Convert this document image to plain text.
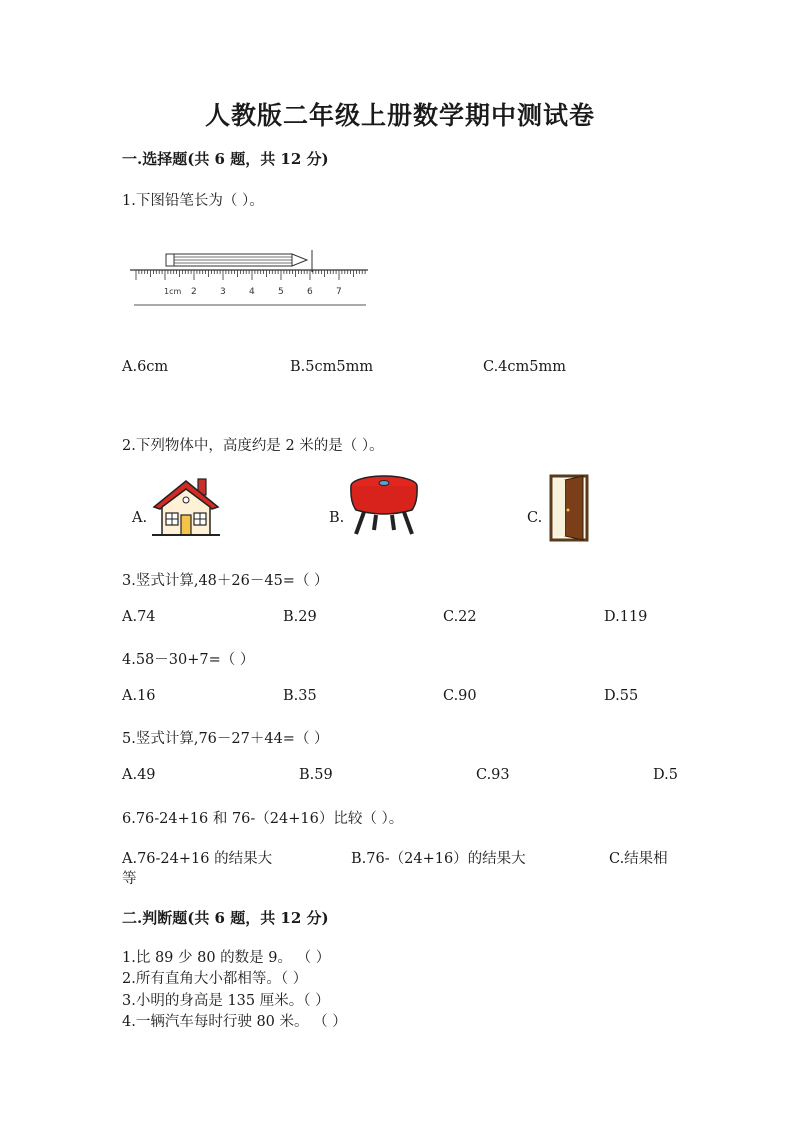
人教版二年级上册数学期中测试卷
一.选择题(共 6 题，共 12 分)
1.下图铅笔长为（ ）。
1cm 2	3	4	5	6	7
A.6cm	B.5cm5mm	C.4cm5mm
2.下列物体中，高度约是 2 米的是（ ）。
A.	B.	C.
3.竖式计算,48＋26－45=（ ）
A.74	B.29	C.22	D.119
4.58－30+7=（ ）
A.16	B.35	C.90	D.55
5.竖式计算,76－27＋44=（ ）
A.49	B.59	C.93	D.5
6.76-24+16 和 76-（24+16）比较（ ）。
A.76-24+16 的结果大	B.76-（24+16）的结果大	C.结果相
等
二.判断题(共 6 题，共 12 分)
1.比 89 少 80 的数是 9。 （ ）
2.所有直角大小都相等。（ ）
3.小明的身高是 135 厘米。（ ）
4.一辆汽车每时行驶 80 米。 （ ）
